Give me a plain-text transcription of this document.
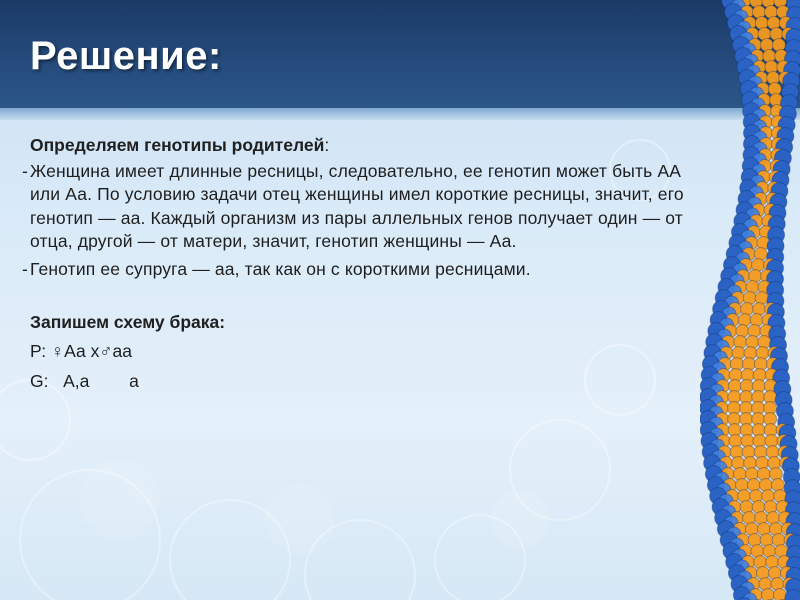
Решение:
Определяем генотипы родителей:
- Женщина имеет длинные ресницы, следовательно, ее генотип может быть АА или Аа. По условию задачи отец женщины имел короткие ресницы, значит, его генотип — аа. Каждый организм из пары аллельных генов получает один — от отца, другой — от матери, значит, генотип женщины — Аа.
- Генотип ее супруга — аа, так как он с короткими ресницами.
Запишем схему брака:
Р: ♀Аа х♂аа
G: А,а а
